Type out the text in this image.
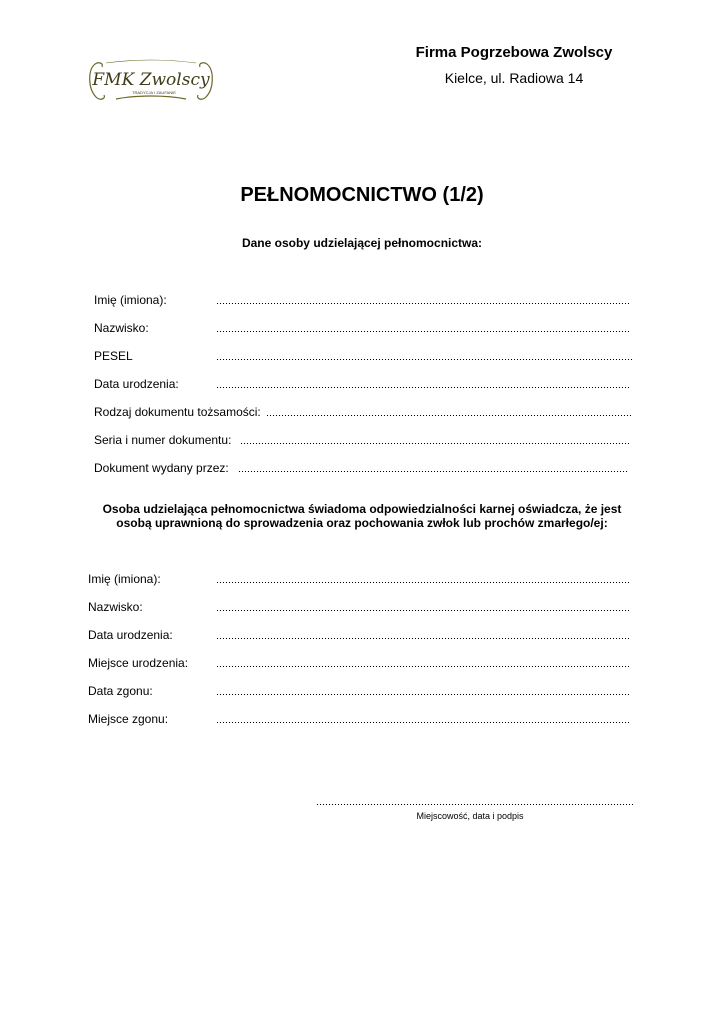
Firma Pogrzebowa Zwolscy
Kielce, ul. Radiowa 14
FMK Zwolscy
TRADYCJA I ZAUFANIE
PEŁNOMOCNICTWO (1/2)
Dane osoby udzielającej pełnomocnictwa:
Imię (imiona):
Nazwisko:
PESEL
Data urodzenia:
Rodzaj dokumentu tożsamości:
Seria i numer dokumentu:
Dokument wydany przez:
Osoba udzielająca pełnomocnictwa świadoma odpowiedzialności karnej oświadcza, że jest osobą uprawnioną do sprowadzenia oraz pochowania zwłok lub prochów zmarłego/ej:
Imię (imiona):
Nazwisko:
Data urodzenia:
Miejsce urodzenia:
Data zgonu:
Miejsce zgonu:
Miejscowość, data i podpis
